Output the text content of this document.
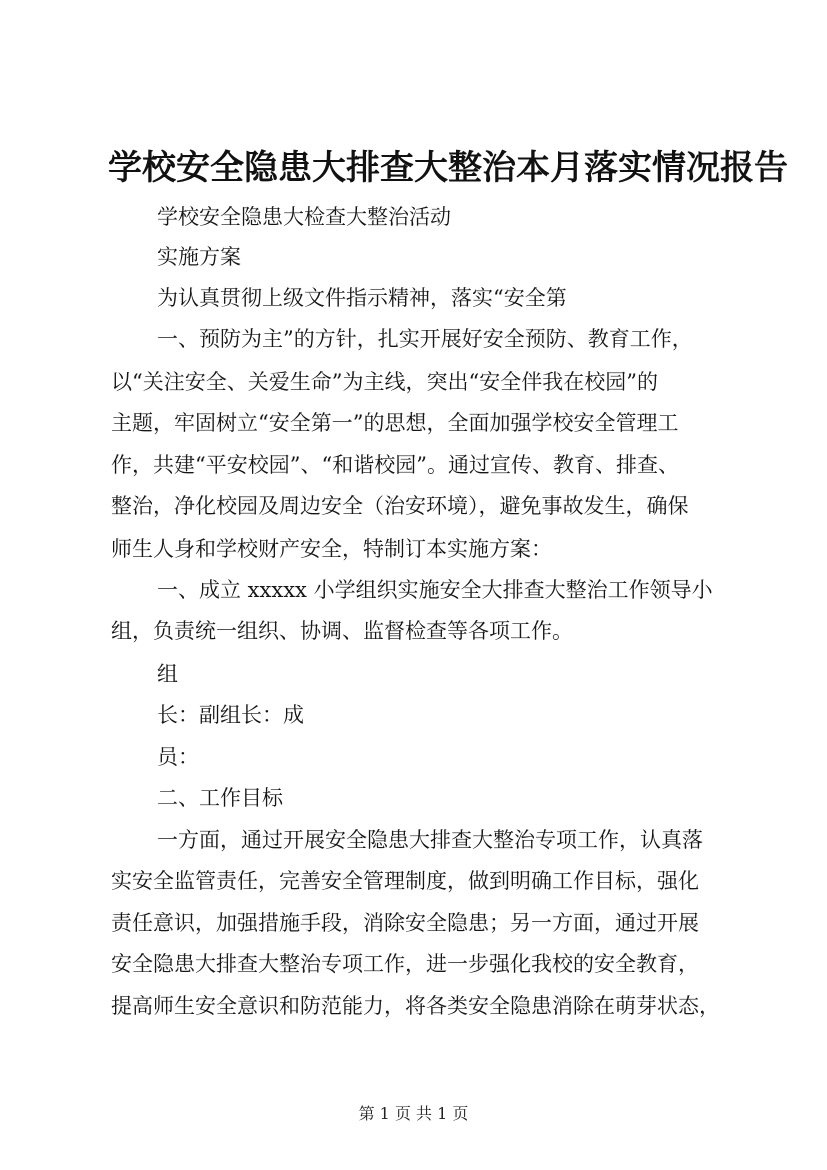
学校安全隐患大排查大整治本月落实情况报告
学校安全隐患大检查大整治活动
实施方案
为认真贯彻上级文件指示精神，落实“安全第
一、预防为主”的方针，扎实开展好安全预防、教育工作，
以“关注安全、关爱生命”为主线，突出“安全伴我在校园”的
主题，牢固树立“安全第一”的思想，全面加强学校安全管理工
作，共建“平安校园”、“和谐校园”。通过宣传、教育、排查、
整治，净化校园及周边安全（治安环境），避免事故发生，确保
师生人身和学校财产安全，特制订本实施方案：
一、成立 xxxxx 小学组织实施安全大排查大整治工作领导小
组，负责统一组织、协调、监督检查等各项工作。
组
长：副组长：成
员：
二、工作目标
一方面，通过开展安全隐患大排查大整治专项工作，认真落
实安全监管责任，完善安全管理制度，做到明确工作目标，强化
责任意识，加强措施手段，消除安全隐患；另一方面，通过开展
安全隐患大排查大整治专项工作，进一步强化我校的安全教育，
提高师生安全意识和防范能力，将各类安全隐患消除在萌芽状态，
第 1 页 共 1 页
